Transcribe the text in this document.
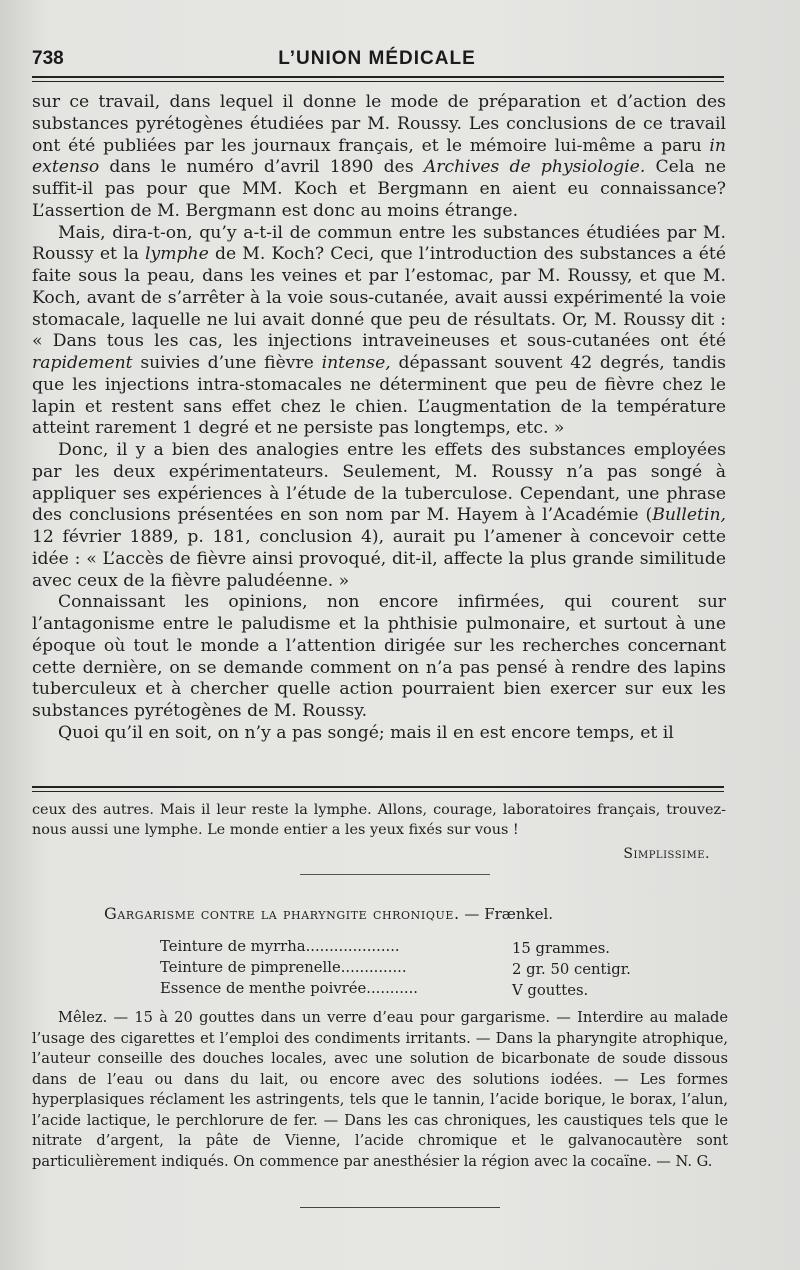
738	L’UNION MÉDICALE

sur ce travail, dans lequel il donne le mode de préparation et d’action des substances pyrétogènes étudiées par M. Roussy. Les conclusions de ce travail ont été publiées par les journaux français, et le mémoire lui-même a paru in extenso dans le numéro d’avril 1890 des Archives de physiologie. Cela ne suffit-il pas pour que MM. Koch et Bergmann en aient eu connaissance? L’assertion de M. Bergmann est donc au moins étrange.

Mais, dira-t-on, qu’y a-t-il de commun entre les substances étudiées par M. Roussy et la lymphe de M. Koch? Ceci, que l’introduction des substances a été faite sous la peau, dans les veines et par l’estomac, par M. Roussy, et que M. Koch, avant de s’arrêter à la voie sous-cutanée, avait aussi expérimenté la voie stomacale, laquelle ne lui avait donné que peu de résultats. Or, M. Roussy dit : « Dans tous les cas, les injections intraveineuses et sous-cutanées ont été rapidement suivies d’une fièvre intense, dépassant souvent 42 degrés, tandis que les injections intra-stomacales ne déterminent que peu de fièvre chez le lapin et restent sans effet chez le chien. L’augmentation de la température atteint rarement 1 degré et ne persiste pas longtemps, etc. »

Donc, il y a bien des analogies entre les effets des substances employées par les deux expérimentateurs. Seulement, M. Roussy n’a pas songé à appliquer ses expériences à l’étude de la tuberculose. Cependant, une phrase des conclusions présentées en son nom par M. Hayem à l’Académie (Bulletin, 12 février 1889, p. 181, conclusion 4), aurait pu l’amener à concevoir cette idée : « L’accès de fièvre ainsi provoqué, dit-il, affecte la plus grande similitude avec ceux de la fièvre paludéenne. »

Connaissant les opinions, non encore infirmées, qui courent sur l’antagonisme entre le paludisme et la phthisie pulmonaire, et surtout à une époque où tout le monde a l’attention dirigée sur les recherches concernant cette dernière, on se demande comment on n’a pas pensé à rendre des lapins tuberculeux et à chercher quelle action pourraient bien exercer sur eux les substances pyrétogènes de M. Roussy.

Quoi qu’il en soit, on n’y a pas songé; mais il en est encore temps, et il

ceux des autres. Mais il leur reste la lymphe. Allons, courage, laboratoires français, trouvez-nous aussi une lymphe. Le monde entier a les yeux fixés sur vous !

Simplissime.
Gargarisme contre la pharyngite chronique. — Frænkel.
Teinture de myrrha....................	15 grammes.
Teinture de pimprenelle..............	2 gr. 50 centigr.
Essence de menthe poivrée...........	V gouttes.

Mêlez. — 15 à 20 gouttes dans un verre d’eau pour gargarisme. — Interdire au malade l’usage des cigarettes et l’emploi des condiments irritants. — Dans la pharyngite atrophique, l’auteur conseille des douches locales, avec une solution de bicarbonate de soude dissous dans de l’eau ou dans du lait, ou encore avec des solutions iodées. — Les formes hyperplasiques réclament les astringents, tels que le tannin, l’acide borique, le borax, l’alun, l’acide lactique, le perchlorure de fer. — Dans les cas chroniques, les caustiques tels que le nitrate d’argent, la pâte de Vienne, l’acide chromique et le galvanocautère sont particulièrement indiqués. On commence par anesthésier la région avec la cocaïne. — N. G.
